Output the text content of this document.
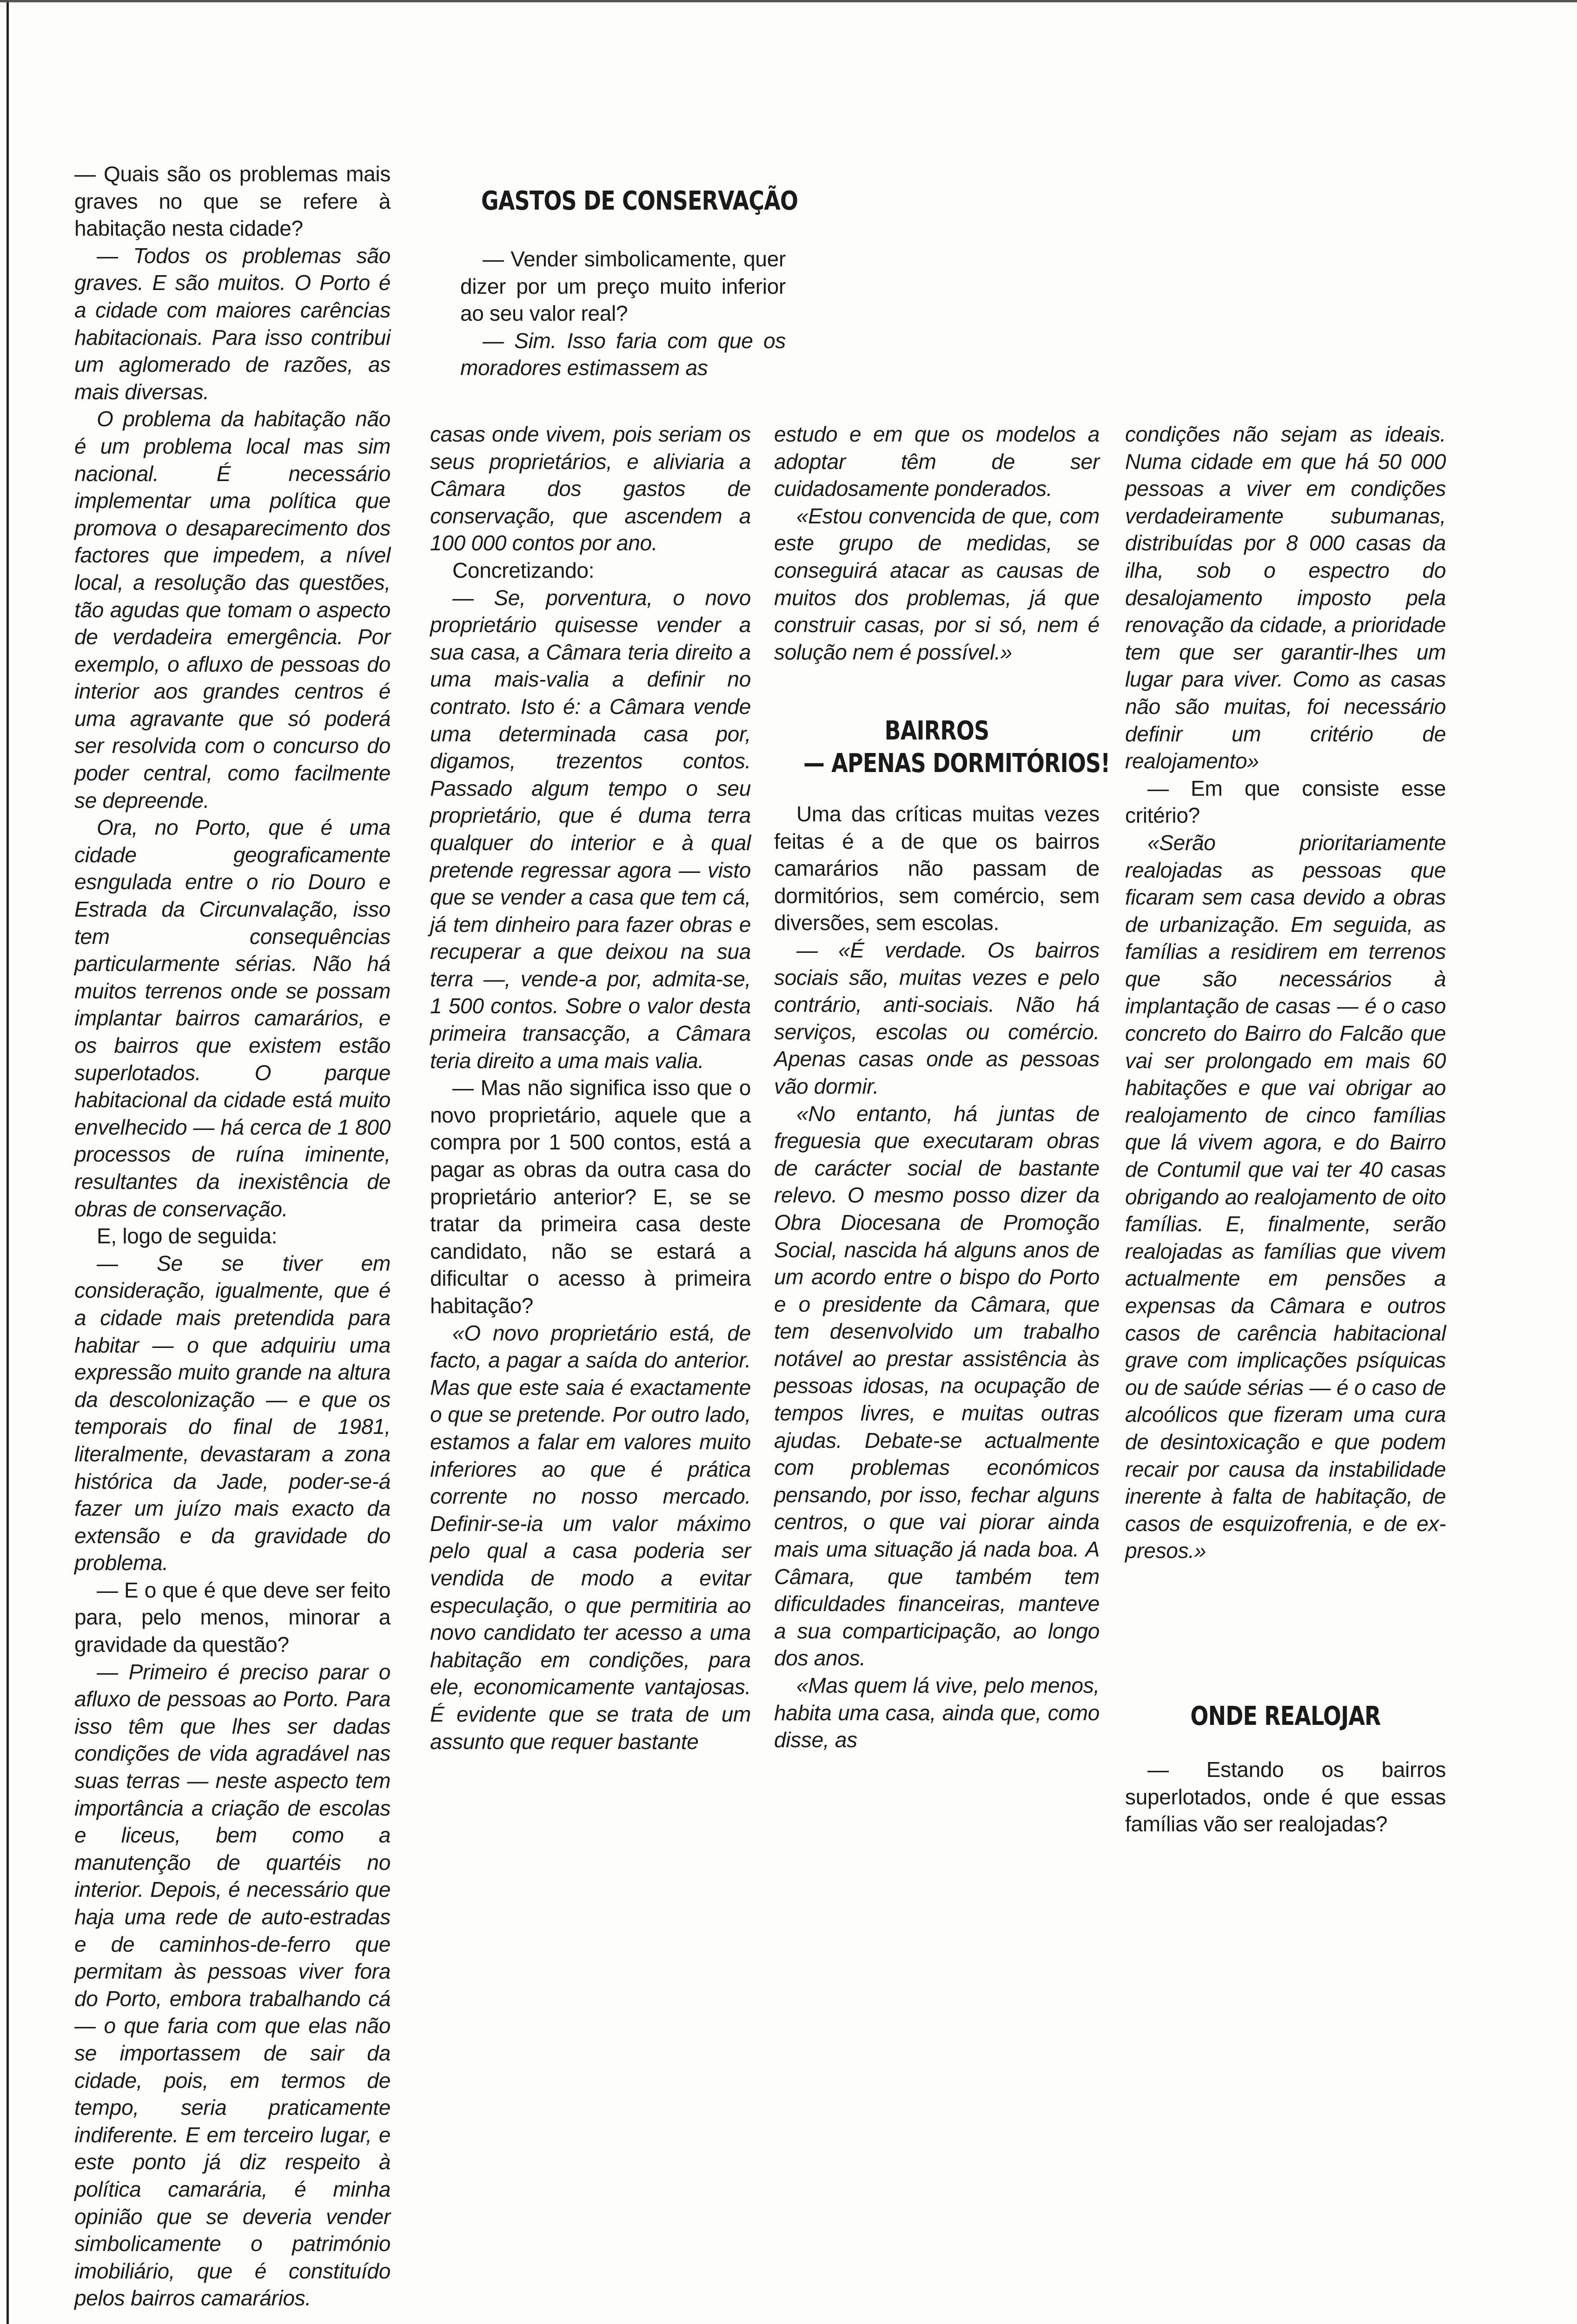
— Quais são os problemas mais graves no que se refere à habitação nesta cidade?

— Todos os problemas são graves. E são muitos. O Porto é a cidade com maiores carências habitacionais. Para isso contribui um aglomerado de razões, as mais diversas.

O problema da habitação não é um problema local mas sim nacional. É necessário implementar uma política que promova o desaparecimento dos factores que impedem, a nível local, a resolução das questões, tão agudas que tomam o aspecto de verdadeira emergência. Por exemplo, o afluxo de pessoas do interior aos grandes centros é uma agravante que só poderá ser resolvida com o concurso do poder central, como facilmente se depreende.

Ora, no Porto, que é uma cidade geograficamente esngulada entre o rio Douro e Estrada da Circunvalação, isso tem consequências particularmente sérias. Não há muitos terrenos onde se possam implantar bairros camarários, e os bairros que existem estão superlotados. O parque habitacional da cidade está muito envelhecido — há cerca de 1 800 processos de ruína iminente, resultantes da inexistência de obras de conservação.

E, logo de seguida:

— Se se tiver em consideração, igualmente, que é a cidade mais pretendida para habitar — o que adquiriu uma expressão muito grande na altura da descolonização — e que os temporais do final de 1981, literalmente, devastaram a zona histórica da Jade, poder-se-á fazer um juízo mais exacto da extensão e da gravidade do problema.

— E o que é que deve ser feito para, pelo menos, minorar a gravidade da questão?

— Primeiro é preciso parar o afluxo de pessoas ao Porto. Para isso têm que lhes ser dadas condições de vida agradável nas suas terras — neste aspecto tem importância a criação de escolas e liceus, bem como a manutenção de quartéis no interior. Depois, é necessário que haja uma rede de auto-estradas e de caminhos-de-ferro que permitam às pessoas viver fora do Porto, embora trabalhando cá — o que faria com que elas não se importassem de sair da cidade, pois, em termos de tempo, seria praticamente indiferente. E em terceiro lugar, e este ponto já diz respeito à política camarária, é minha opinião que se deveria vender simbolicamente o património imobiliário, que é constituído pelos bairros camarários.

GASTOS DE CONSERVAÇÃO

— Vender simbolicamente, quer dizer por um preço muito inferior ao seu valor real?

— Sim. Isso faria com que os moradores estimassem as

casas onde vivem, pois seriam os seus proprietários, e aliviaria a Câmara dos gastos de conservação, que ascendem a 100 000 contos por ano.

Concretizando:

— Se, porventura, o novo proprietário quisesse vender a sua casa, a Câmara teria direito a uma mais-valia a definir no contrato. Isto é: a Câmara vende uma determinada casa por, digamos, trezentos contos. Passado algum tempo o seu proprietário, que é duma terra qualquer do interior e à qual pretende regressar agora — visto que se vender a casa que tem cá, já tem dinheiro para fazer obras e recuperar a que deixou na sua terra —, vende-a por, admita-se, 1 500 contos. Sobre o valor desta primeira transacção, a Câmara teria direito a uma mais valia.

— Mas não significa isso que o novo proprietário, aquele que a compra por 1 500 contos, está a pagar as obras da outra casa do proprietário anterior? E, se se tratar da primeira casa deste candidato, não se estará a dificultar o acesso à primeira habitação?

«O novo proprietário está, de facto, a pagar a saída do anterior. Mas que este saia é exactamente o que se pretende. Por outro lado, estamos a falar em valores muito inferiores ao que é prática corrente no nosso mercado. Definir-se-ia um valor máximo pelo qual a casa poderia ser vendida de modo a evitar especulação, o que permitiria ao novo candidato ter acesso a uma habitação em condições, para ele, economicamente vantajosas. É evidente que se trata de um assunto que requer bastante

estudo e em que os modelos a adoptar têm de ser cuidadosamente ponderados.

«Estou convencida de que, com este grupo de medidas, se conseguirá atacar as causas de muitos dos problemas, já que construir casas, por si só, nem é solução nem é possível.»

BAIRROS
— APENAS DORMITÓRIOS!

Uma das críticas muitas vezes feitas é a de que os bairros camarários não passam de dormitórios, sem comércio, sem diversões, sem escolas.

— «É verdade. Os bairros sociais são, muitas vezes e pelo contrário, anti-sociais. Não há serviços, escolas ou comércio. Apenas casas onde as pessoas vão dormir.

«No entanto, há juntas de freguesia que executaram obras de carácter social de bastante relevo. O mesmo posso dizer da Obra Diocesana de Promoção Social, nascida há alguns anos de um acordo entre o bispo do Porto e o presidente da Câmara, que tem desenvolvido um trabalho notável ao prestar assistência às pessoas idosas, na ocupação de tempos livres, e muitas outras ajudas. Debate-se actualmente com problemas económicos pensando, por isso, fechar alguns centros, o que vai piorar ainda mais uma situação já nada boa. A Câmara, que também tem dificuldades financeiras, manteve a sua comparticipação, ao longo dos anos.

«Mas quem lá vive, pelo menos, habita uma casa, ainda que, como disse, as

condições não sejam as ideais. Numa cidade em que há 50 000 pessoas a viver em condições verdadeiramente subumanas, distribuídas por 8 000 casas da ilha, sob o espectro do desalojamento imposto pela renovação da cidade, a prioridade tem que ser garantir-lhes um lugar para viver. Como as casas não são muitas, foi necessário definir um critério de realojamento»

— Em que consiste esse critério?

«Serão prioritariamente realojadas as pessoas que ficaram sem casa devido a obras de urbanização. Em seguida, as famílias a residirem em terrenos que são necessários à implantação de casas — é o caso concreto do Bairro do Falcão que vai ser prolongado em mais 60 habitações e que vai obrigar ao realojamento de cinco famílias que lá vivem agora, e do Bairro de Contumil que vai ter 40 casas obrigando ao realojamento de oito famílias. E, finalmente, serão realojadas as famílias que vivem actualmente em pensões a expensas da Câmara e outros casos de carência habitacional grave com implicações psíquicas ou de saúde sérias — é o caso de alcoólicos que fizeram uma cura de desintoxicação e que podem recair por causa da instabilidade inerente à falta de habitação, de casos de esquizofrenia, e de ex-presos.»

ONDE REALOJAR

— Estando os bairros superlotados, onde é que essas famílias vão ser realojadas?
